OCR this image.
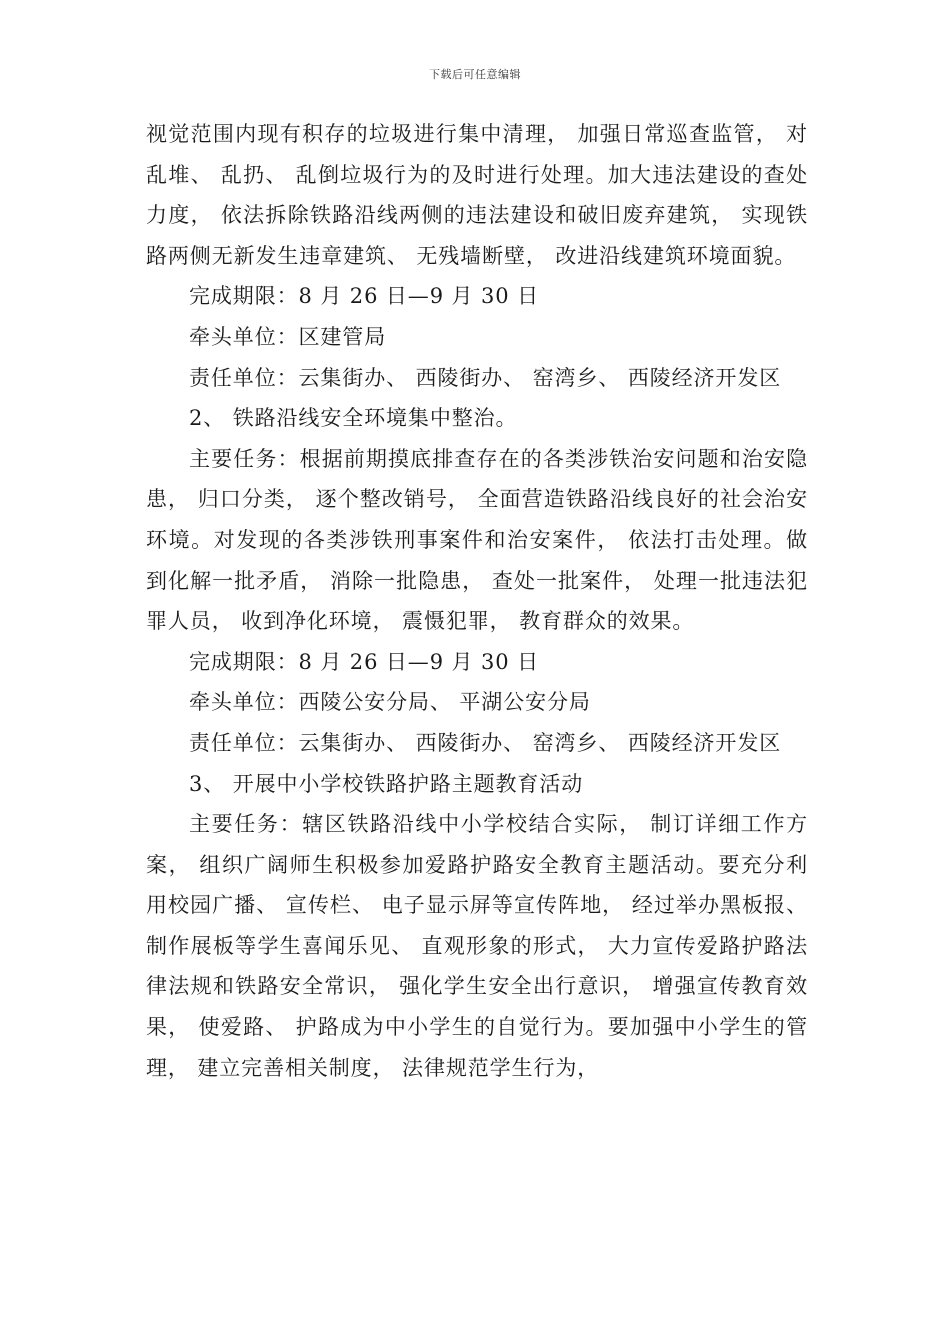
下载后可任意编辑

视觉范围内现有积存的垃圾进行集中清理， 加强日常巡查监管， 对乱堆、 乱扔、 乱倒垃圾行为的及时进行处理。加大违法建设的查处力度， 依法拆除铁路沿线两侧的违法建设和破旧废弃建筑， 实现铁路两侧无新发生违章建筑、 无残墙断壁， 改进沿线建筑环境面貌。

完成期限：8 月 26 日—9 月 30 日

牵头单位：区建管局

责任单位：云集街办、 西陵街办、 窑湾乡、 西陵经济开发区

2、 铁路沿线安全环境集中整治。

主要任务：根据前期摸底排查存在的各类涉铁治安问题和治安隐患， 归口分类， 逐个整改销号， 全面营造铁路沿线良好的社会治安环境。对发现的各类涉铁刑事案件和治安案件， 依法打击处理。做到化解一批矛盾， 消除一批隐患， 查处一批案件， 处理一批违法犯罪人员， 收到净化环境， 震慑犯罪， 教育群众的效果。

完成期限：8 月 26 日—9 月 30 日

牵头单位：西陵公安分局、 平湖公安分局

责任单位：云集街办、 西陵街办、 窑湾乡、 西陵经济开发区

3、 开展中小学校铁路护路主题教育活动

主要任务：辖区铁路沿线中小学校结合实际， 制订详细工作方案， 组织广阔师生积极参加爱路护路安全教育主题活动。要充分利用校园广播、 宣传栏、 电子显示屏等宣传阵地， 经过举办黑板报、 制作展板等学生喜闻乐见、 直观形象的形式， 大力宣传爱路护路法律法规和铁路安全常识， 强化学生安全出行意识， 增强宣传教育效果， 使爱路、 护路成为中小学生的自觉行为。要加强中小学生的管理， 建立完善相关制度， 法律规范学生行为，
